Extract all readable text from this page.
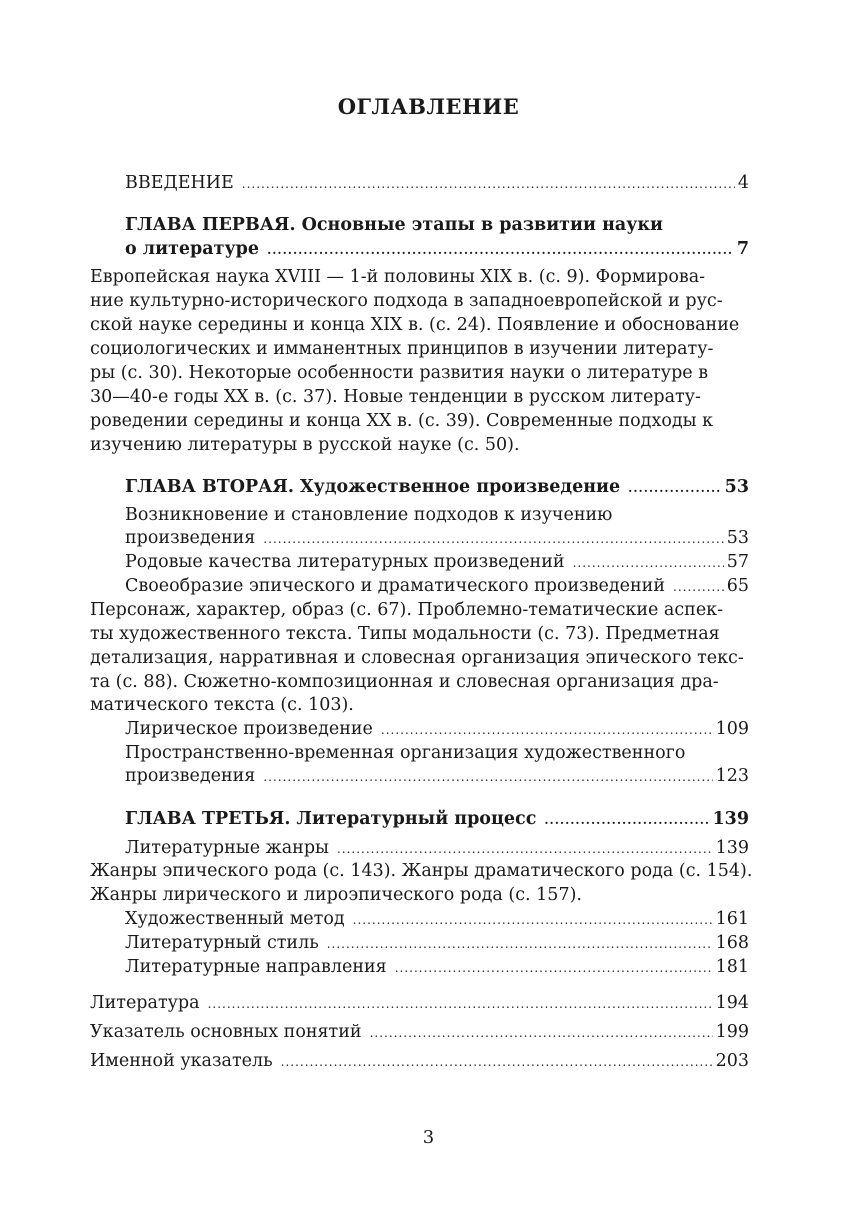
ОГЛАВЛЕНИЕ
ВВЕДЕНИЕ .....	4
ГЛАВА ПЕРВАЯ. Основные этапы в развитии науки
о литературе .....	7
Европейская наука XVIII — 1-й половины XIX в. (с. 9). Формирова-
ние культурно-исторического подхода в западноевропейской и рус-
ской науке середины и конца XIX в. (с. 24). Появление и обоснование
социологических и имманентных принципов в изучении литерату-
ры (с. 30). Некоторые особенности развития науки о литературе в
30—40-е годы XX в. (с. 37). Новые тенденции в русском литерату-
роведении середины и конца XX в. (с. 39). Современные подходы к
изучению литературы в русской науке (с. 50).
ГЛАВА ВТОРАЯ. Художественное произведение .....	53
Возникновение и становление подходов к изучению
произведения .....	53
Родовые качества литературных произведений .....	57
Своеобразие эпического и драматического произведений .....	65
Персонаж, характер, образ (с. 67). Проблемно-тематические аспек-
ты художественного текста. Типы модальности (с. 73). Предметная
детализация, нарративная и словесная организация эпического текс-
та (с. 88). Сюжетно-композиционная и словесная организация дра-
матического текста (с. 103).
Лирическое произведение .....	109
Пространственно-временная организация художественного
произведения .....	123
ГЛАВА ТРЕТЬЯ. Литературный процесс .....	139
Литературные жанры .....	139
Жанры эпического рода (с. 143). Жанры драматического рода (с. 154).
Жанры лирического и лироэпического рода (с. 157).
Художественный метод .....	161
Литературный стиль .....	168
Литературные направления .....	181
Литература .....	194
Указатель основных понятий .....	199
Именной указатель .....	203
3
